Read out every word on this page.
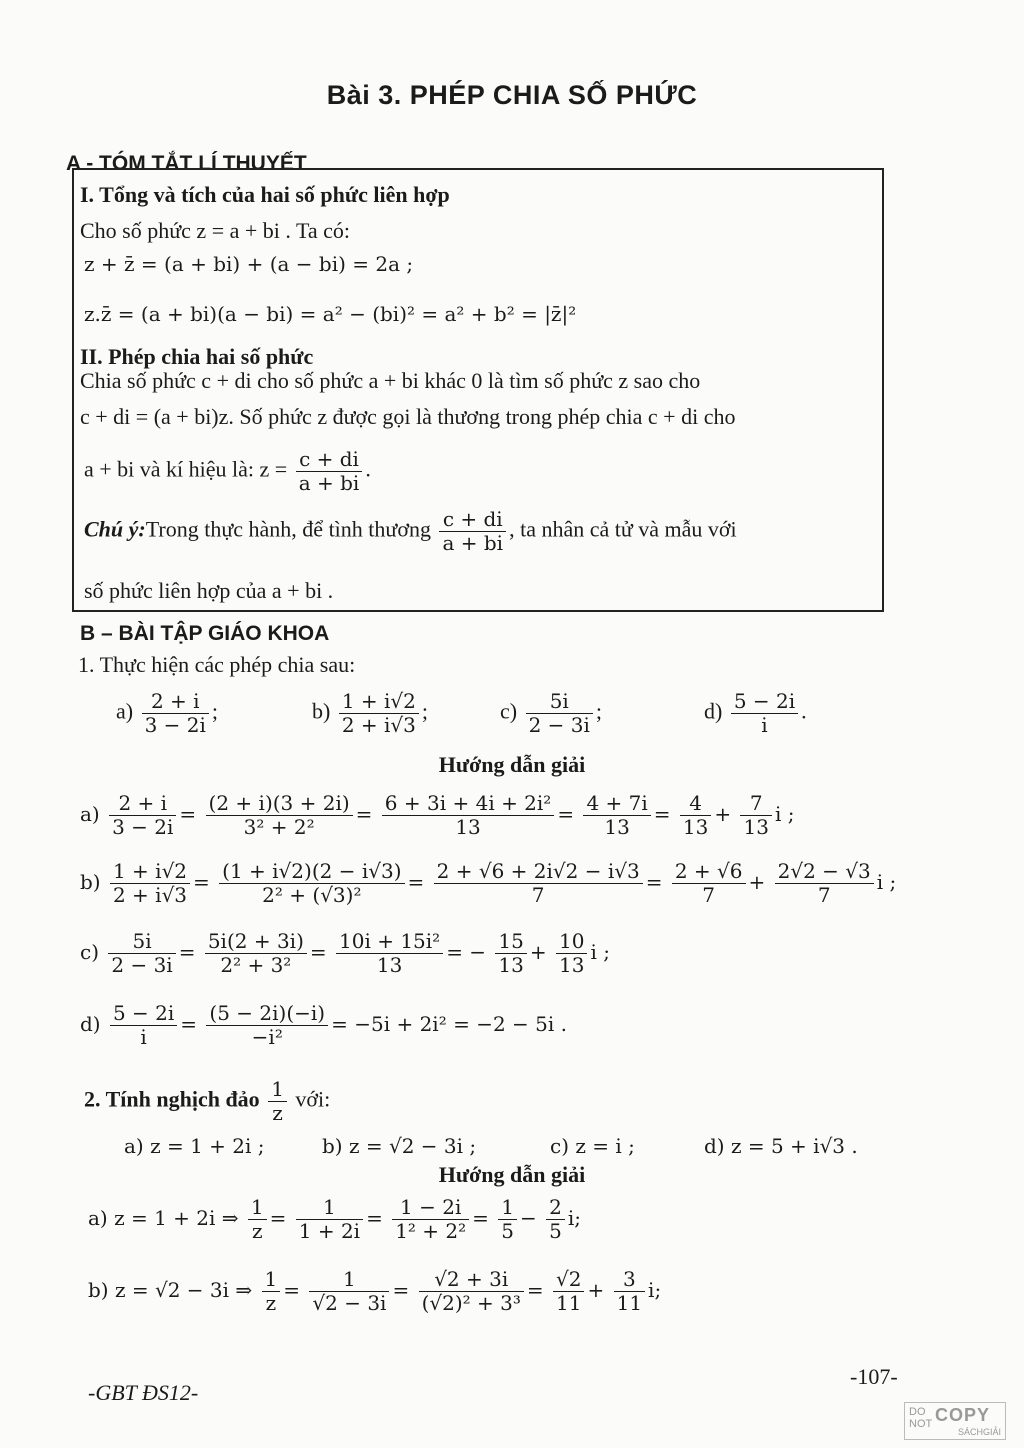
Bài 3. PHÉP CHIA SỐ PHỨC
A - TÓM TẮT LÍ THUYẾT
I. Tổng và tích của hai số phức liên hợp
Cho số phức z = a + bi . Ta có:
z + z̄ = (a + bi) + (a − bi) = 2a ;
z.z̄ = (a + bi)(a − bi) = a² − (bi)² = a² + b² = |z̄|²
II. Phép chia hai số phức
Chia số phức c + di cho số phức a + bi khác 0 là tìm số phức z sao cho
c + di = (a + bi)z. Số phức z được gọi là thương trong phép chia c + di cho
a + bi và kí hiệu là: $z = \frac{c + di}{a + bi}$ .
Chú ý:Trong thực hành, để tình thương $\frac{c + di}{a + bi}$ , ta nhân cả tử và mẫu với
số phức liên hợp của a + bi .
B – BÀI TẬP GIÁO KHOA
1. Thực hiện các phép chia sau:
$a) \frac{2 + i}{3 - 2i}$ ;	$b) \frac{1 + i√2}{2 + i√3}$ ;	$c) \frac{5i}{2 - 3i}$ ;	$d) \frac{5 - 2i}{i}$ .
Hướng dẫn giải
$a) \frac{2 + i}{3 - 2i} = \frac{(2 + i)(3 + 2i)}{\text{3² + 2²}} = \frac{\text{6 + 3i + 4i + 2i²}}{13} = \frac{4 + 7i}{13} = \frac{4}{13} + \frac{7}{13}$ i ;
$b) \frac{1 + i√2}{2 + i√3} = \frac{(1 + i√2)(2 - i√3)}{\text{2² + (√3)²}} = \frac{2 + √6 + 2i√2 - i√3}{7} = \frac{2 + √6}{7} + \frac{2√2 - √3}{7}$ i ;
$c) \frac{5i}{2 - 3i} = \frac{5i(2 + 3i)}{\text{2² + 3²}} = \frac{\text{10i + 15i²}}{13}$ = − $\frac{15}{13} + \frac{10}{13}$ i ;
$d) \frac{5 - 2i}{i} = \frac{(5 - 2i)(-i)}{\text{−i²}} = -5i + 2i^2 = -2 - 5i$ .
2. Tính nghịch đảo $\frac{1}{z}$ với:
a) z = 1 + 2i ;	b) z = √2 − 3i ;	c) z = i ;	d) z = 5 + i√3 .
Hướng dẫn giải
a) z = 1 + 2i ⇒ $\frac{1}{z} = \frac{1}{1 + 2i} = \frac{1 - 2i}{\text{1² + 2²}} = \frac{1}{5} - \frac{2}{5} i$;
b) z = √2 − 3i ⇒ $\frac{1}{z} = \frac{1}{√2 - 3i} = \frac{√2 + 3i}{\text{(√2)² + 3³}} = \frac{√2}{11} + \frac{3}{11} i$;
-GBT ĐS12-
-107-
DO
NOT COPY
SÁCHGIẢI
